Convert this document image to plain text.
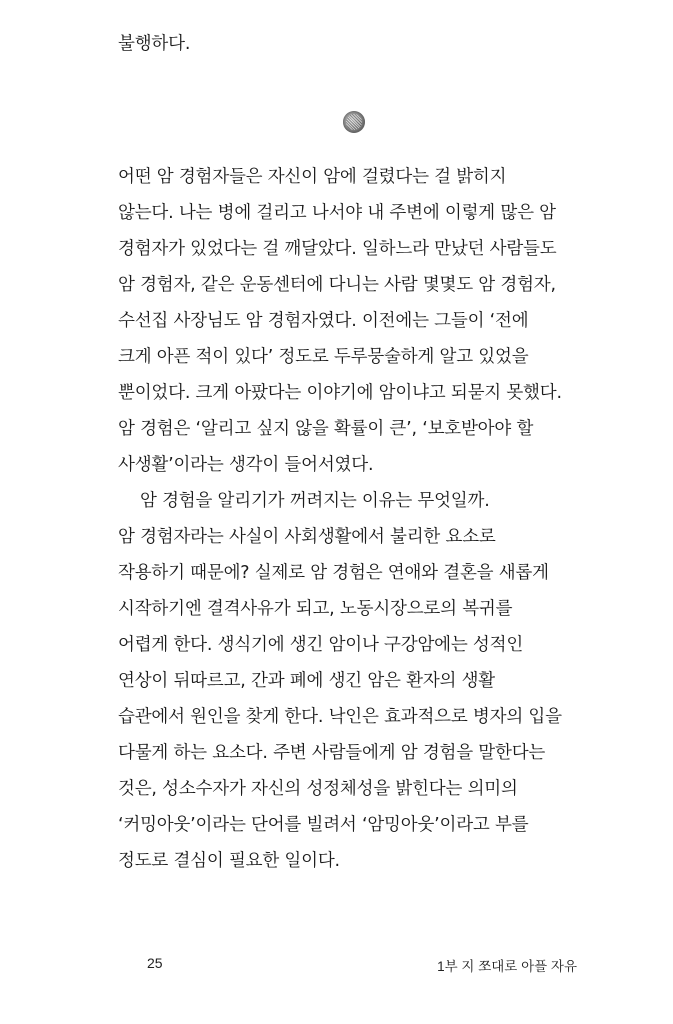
불행하다.
어떤 암 경험자들은 자신이 암에 걸렸다는 걸 밝히지
않는다. 나는 병에 걸리고 나서야 내 주변에 이렇게 많은 암
경험자가 있었다는 걸 깨달았다. 일하느라 만났던 사람들도
암 경험자, 같은 운동센터에 다니는 사람 몇몇도 암 경험자,
수선집 사장님도 암 경험자였다. 이전에는 그들이 ‘전에
크게 아픈 적이 있다’ 정도로 두루뭉술하게 알고 있었을
뿐이었다. 크게 아팠다는 이야기에 암이냐고 되묻지 못했다.
암 경험은 ‘알리고 싶지 않을 확률이 큰’, ‘보호받아야 할
사생활’이라는 생각이 들어서였다.
암 경험을 알리기가 꺼려지는 이유는 무엇일까.
암 경험자라는 사실이 사회생활에서 불리한 요소로
작용하기 때문에? 실제로 암 경험은 연애와 결혼을 새롭게
시작하기엔 결격사유가 되고, 노동시장으로의 복귀를
어렵게 한다. 생식기에 생긴 암이나 구강암에는 성적인
연상이 뒤따르고, 간과 폐에 생긴 암은 환자의 생활
습관에서 원인을 찾게 한다. 낙인은 효과적으로 병자의 입을
다물게 하는 요소다. 주변 사람들에게 암 경험을 말한다는
것은, 성소수자가 자신의 성정체성을 밝힌다는 의미의
‘커밍아웃’이라는 단어를 빌려서 ‘암밍아웃’이라고 부를
정도로 결심이 필요한 일이다.
25	1부 지 쪼대로 아플 자유
